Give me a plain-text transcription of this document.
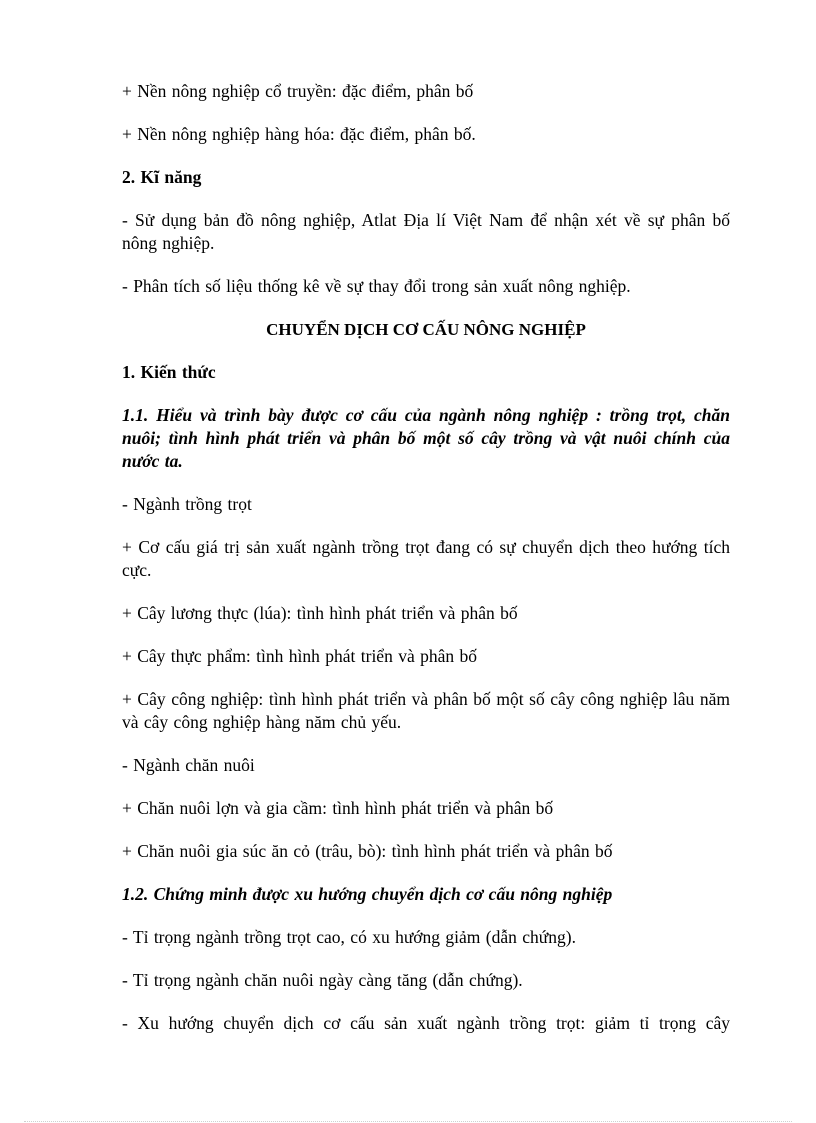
+ Nền nông nghiệp cổ truyền: đặc điểm, phân bố

+ Nền nông nghiệp hàng hóa: đặc điểm, phân bố.

2. Kĩ năng

- Sử dụng bản đồ nông nghiệp, Atlat Địa lí Việt Nam để nhận xét về sự phân bố nông nghiệp.

- Phân tích số liệu thống kê về sự thay đổi trong sản xuất nông nghiệp.

CHUYỂN DỊCH CƠ CẤU NÔNG NGHIỆP

1. Kiến thức

1.1. Hiểu và trình bày được cơ cấu của ngành nông nghiệp : trồng trọt, chăn nuôi; tình hình phát triển và phân bố một số cây trồng và vật nuôi chính của nước ta.

- Ngành trồng trọt

+ Cơ cấu giá trị sản xuất ngành trồng trọt đang có sự chuyển dịch theo hướng tích cực.

+ Cây lương thực (lúa): tình hình phát triển và phân bố

+ Cây thực phẩm: tình hình phát triển và phân bố

+ Cây công nghiệp: tình hình phát triển và phân bố một số cây công nghiệp lâu năm và cây công nghiệp hàng năm chủ yếu.

- Ngành chăn nuôi

+ Chăn nuôi lợn và gia cầm: tình hình phát triển và phân bố

+ Chăn nuôi gia súc ăn cỏ (trâu, bò): tình hình phát triển và phân bố

1.2. Chứng minh được xu hướng chuyển dịch cơ cấu nông nghiệp

- Tỉ trọng ngành trồng trọt cao, có xu hướng giảm (dẫn chứng).

- Tỉ trọng ngành chăn nuôi ngày càng tăng (dẫn chứng).

- Xu hướng chuyển dịch cơ cấu sản xuất ngành trồng trọt: giảm tỉ trọng cây
